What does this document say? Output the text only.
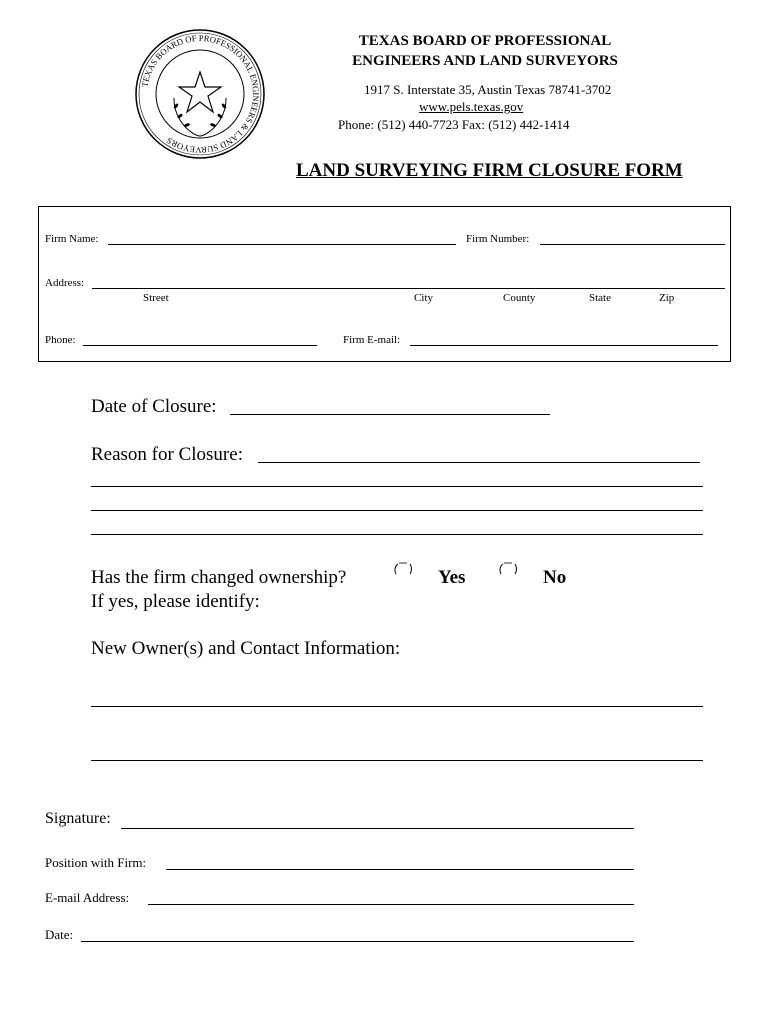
TEXAS BOARD OF PROFESSIONAL ENGINEERS & LAND SURVEYORS
TEXAS BOARD OF PROFESSIONAL
ENGINEERS AND LAND SURVEYORS
1917 S. Interstate 35, Austin Texas 78741-3702
www.pels.texas.gov
Phone: (512) 440-7723 Fax: (512) 442-1414
LAND SURVEYING FIRM CLOSURE FORM
Firm Name:	Firm Number:
Address:
Street	City	County	State	Zip
Phone:	Firm E-mail:
Date of Closure:
Reason for Closure:
Has the firm changed ownership?	Yes	No
If yes, please identify:
New Owner(s) and Contact Information:
Signature:
Position with Firm:
E-mail Address:
Date:
